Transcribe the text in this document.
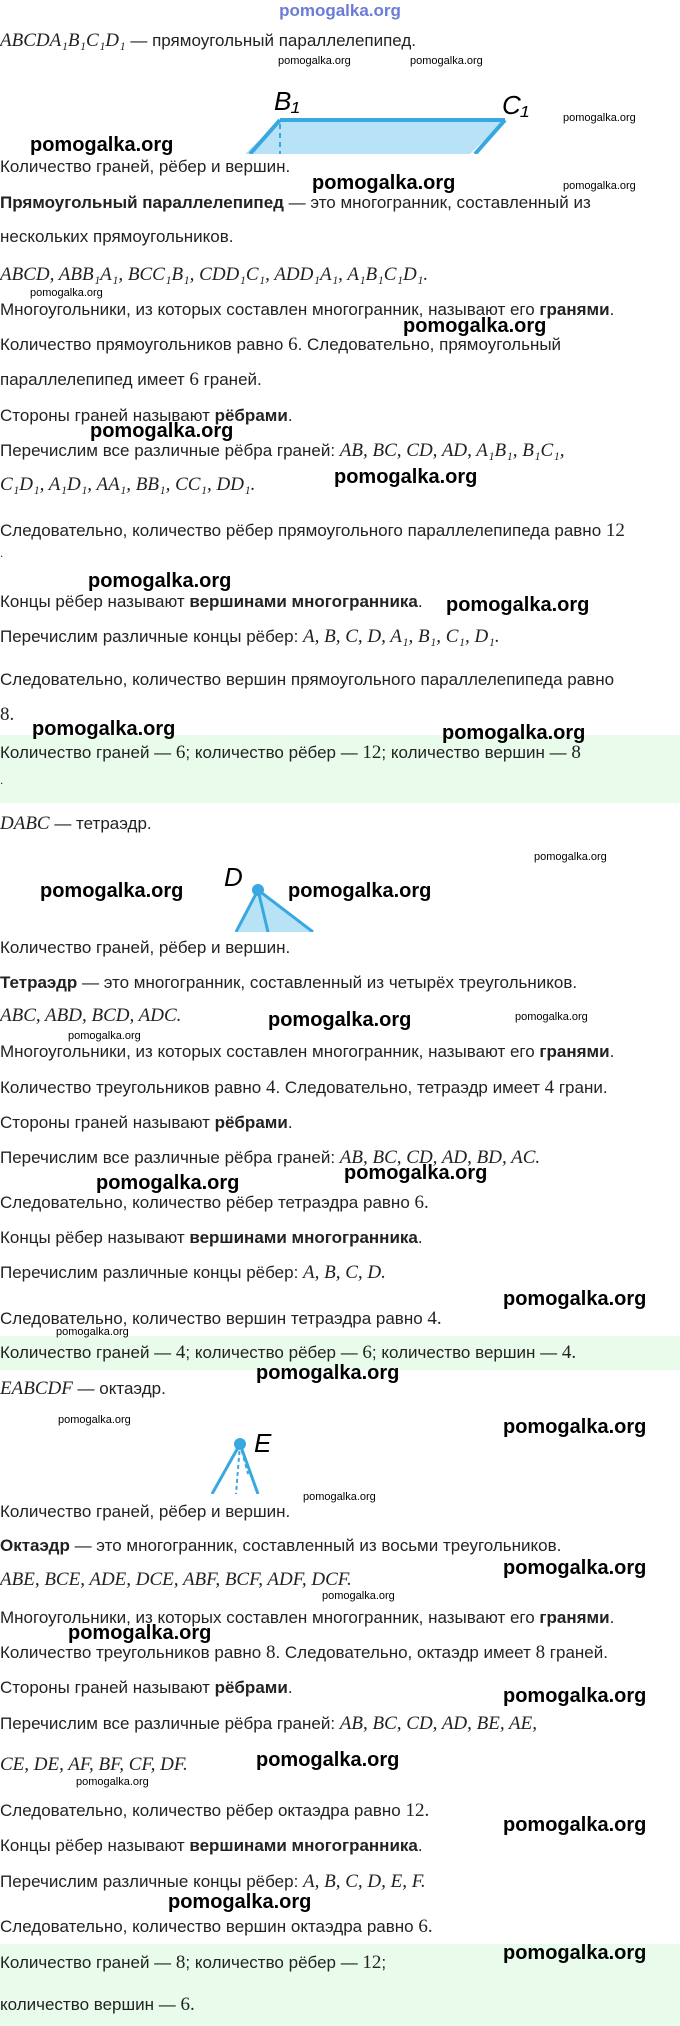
pomogalka.org
ABCDA₁B₁C₁D₁ — прямоугольный параллелепипед.
B₁	C₁
Количество граней, рёбер и вершин.
Прямоугольный параллелепипед — это многогранник, составленный из
нескольких прямоугольников.
ABCD, ABB₁A₁, BCC₁B₁, CDD₁C₁, ADD₁A₁, A₁B₁C₁D₁.
Многоугольники, из которых составлен многогранник, называют его гранями.
Количество прямоугольников равно 6. Следовательно, прямоугольный
параллелепипед имеет 6 граней.
Стороны граней называют рёбрами.
Перечислим все различные рёбра граней: AB, BC, CD, AD, A₁B₁, B₁C₁,
C₁D₁, A₁D₁, AA₁, BB₁, CC₁, DD₁.
Следовательно, количество рёбер прямоугольного параллелепипеда равно 12
.
Концы рёбер называют вершинами многогранника.
Перечислим различные концы рёбер: A, B, C, D, A₁, B₁, C₁, D₁.
Следовательно, количество вершин прямоугольного параллелепипеда равно
8.
Количество граней — 6; количество рёбер — 12; количество вершин — 8
.
DABC — тетраэдр.
D
Количество граней, рёбер и вершин.
Тетраэдр — это многогранник, составленный из четырёх треугольников.
ABC, ABD, BCD, ADC.
Многоугольники, из которых составлен многогранник, называют его гранями.
Количество треугольников равно 4. Следовательно, тетраэдр имеет 4 грани.
Стороны граней называют рёбрами.
Перечислим все различные рёбра граней: AB, BC, CD, AD, BD, AC.
Следовательно, количество рёбер тетраэдра равно 6.
Концы рёбер называют вершинами многогранника.
Перечислим различные концы рёбер: A, B, C, D.
Следовательно, количество вершин тетраэдра равно 4.
Количество граней — 4; количество рёбер — 6; количество вершин — 4.
EABCDF — октаэдр.
E
Количество граней, рёбер и вершин.
Октаэдр — это многогранник, составленный из восьми треугольников.
ABE, BCE, ADE, DCE, ABF, BCF, ADF, DCF.
Многоугольники, из которых составлен многогранник, называют его гранями.
Количество треугольников равно 8. Следовательно, октаэдр имеет 8 граней.
Стороны граней называют рёбрами.
Перечислим все различные рёбра граней: AB, BC, CD, AD, BE, AE,
CE, DE, AF, BF, CF, DF.
Следовательно, количество рёбер октаэдра равно 12.
Концы рёбер называют вершинами многогранника.
Перечислим различные концы рёбер: A, B, C, D, E, F.
Следовательно, количество вершин октаэдра равно 6.
Количество граней — 8; количество рёбер — 12;
количество вершин — 6.
pomogalka.org	pomogalka.org
pomogalka.org
pomogalka.org
pomogalka.org	pomogalka.org
pomogalka.org
pomogalka.org
pomogalka.org
pomogalka.org
pomogalka.org
pomogalka.org
pomogalka.org	pomogalka.org
pomogalka.org
pomogalka.org	pomogalka.org
pomogalka.org	pomogalka.org
pomogalka.org
pomogalka.org
pomogalka.org
pomogalka.org
pomogalka.org
pomogalka.org
pomogalka.org	pomogalka.org
pomogalka.org
pomogalka.org
pomogalka.org
pomogalka.org
pomogalka.org
pomogalka.org
pomogalka.org
pomogalka.org
pomogalka.org
pomogalka.org
